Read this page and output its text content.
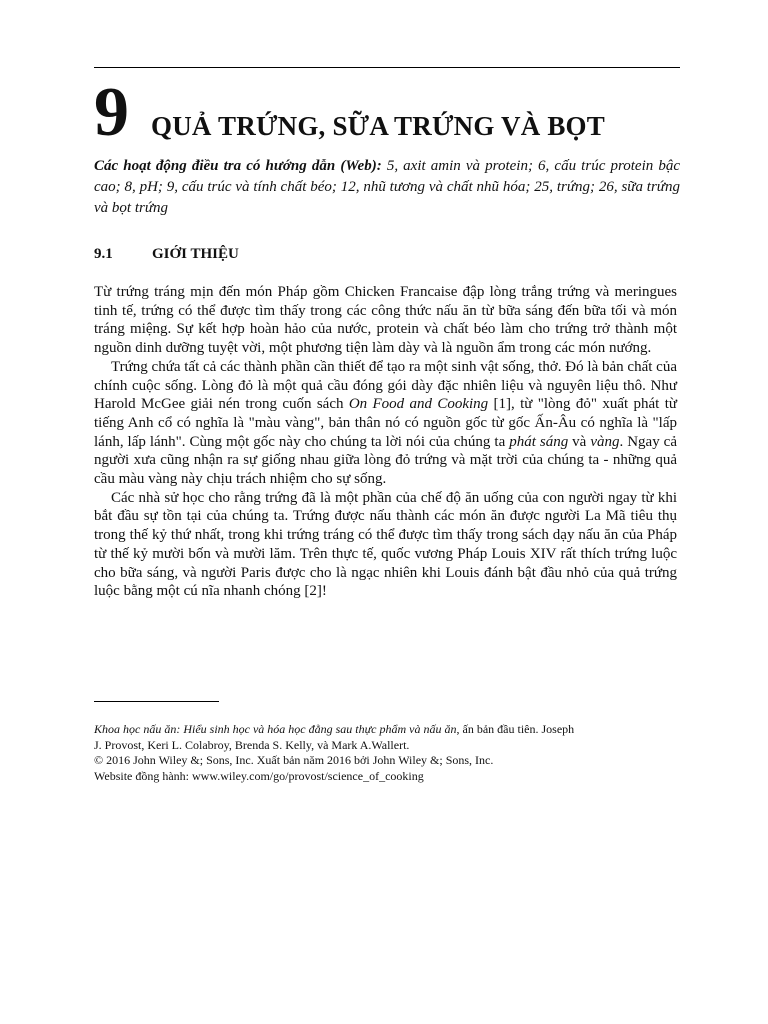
9 QUẢ TRỨNG, SỮA TRỨNG VÀ BỌT
Các hoạt động điều tra có hướng dẫn (Web): 5, axit amin và protein; 6, cấu trúc protein bậc cao; 8, pH; 9, cấu trúc và tính chất béo; 12, nhũ tương và chất nhũ hóa; 25, trứng; 26, sữa trứng và bọt trứng
9.1	GIỚI THIỆU

Từ trứng tráng mịn đến món Pháp gồm Chicken Francaise đập lòng trắng trứng và meringues tinh tế, trứng có thể được tìm thấy trong các công thức nấu ăn từ bữa sáng đến bữa tối và món tráng miệng. Sự kết hợp hoàn hảo của nước, protein và chất béo làm cho trứng trở thành một nguồn dinh dưỡng tuyệt vời, một phương tiện làm dày và là nguồn ẩm trong các món nướng.

Trứng chứa tất cả các thành phần cần thiết để tạo ra một sinh vật sống, thở. Đó là bản chất của chính cuộc sống. Lòng đỏ là một quả cầu đóng gói dày đặc nhiên liệu và nguyên liệu thô. Như Harold McGee giải nén trong cuốn sách On Food and Cooking [1], từ "lòng đỏ" xuất phát từ tiếng Anh cổ có nghĩa là "màu vàng", bản thân nó có nguồn gốc từ gốc Ấn-Âu có nghĩa là "lấp lánh, lấp lánh". Cùng một gốc này cho chúng ta lời nói của chúng ta phát sáng và vàng. Ngay cả người xưa cũng nhận ra sự giống nhau giữa lòng đỏ trứng và mặt trời của chúng ta - những quả cầu màu vàng này chịu trách nhiệm cho sự sống.

Các nhà sử học cho rằng trứng đã là một phần của chế độ ăn uống của con người ngay từ khi bắt đầu sự tồn tại của chúng ta. Trứng được nấu thành các món ăn được người La Mã tiêu thụ trong thế kỷ thứ nhất, trong khi trứng tráng có thể được tìm thấy trong sách dạy nấu ăn của Pháp từ thế kỷ mười bốn và mười lăm. Trên thực tế, quốc vương Pháp Louis XIV rất thích trứng luộc cho bữa sáng, và người Paris được cho là ngạc nhiên khi Louis đánh bật đầu nhỏ của quả trứng luộc bằng một cú nĩa nhanh chóng [2]!

Khoa học nấu ăn: Hiểu sinh học và hóa học đằng sau thực phẩm và nấu ăn, ấn bản đầu tiên. Joseph
J. Provost, Keri L. Colabroy, Brenda S. Kelly, và Mark A.Wallert.
© 2016 John Wiley &; Sons, Inc. Xuất bản năm 2016 bởi John Wiley &; Sons, Inc.
Website đồng hành: www.wiley.com/go/provost/science_of_cooking
